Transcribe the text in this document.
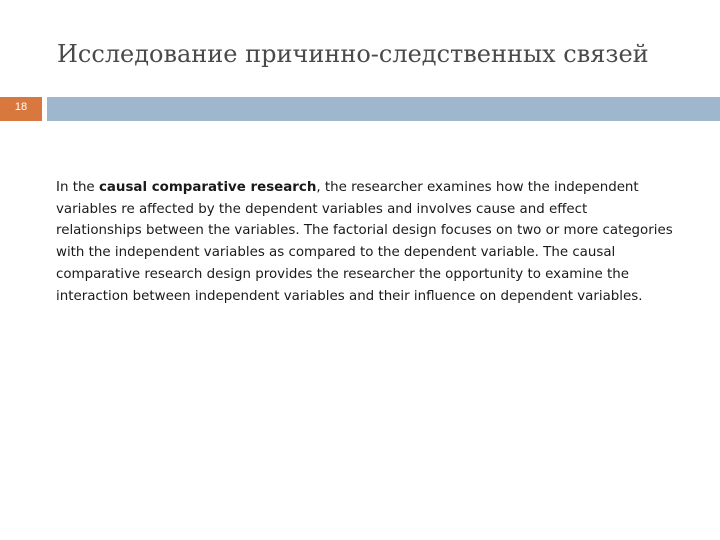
Исследование причинно-следственных связей
18
In the causal comparative research, the researcher examines how the independent variables re affected by the dependent variables and involves cause and effect relationships between the variables. The factorial design focuses on two or more categories with the independent variables as compared to the dependent variable. The causal comparative research design provides the researcher the opportunity to examine the interaction between independent variables and their influence on dependent variables.
